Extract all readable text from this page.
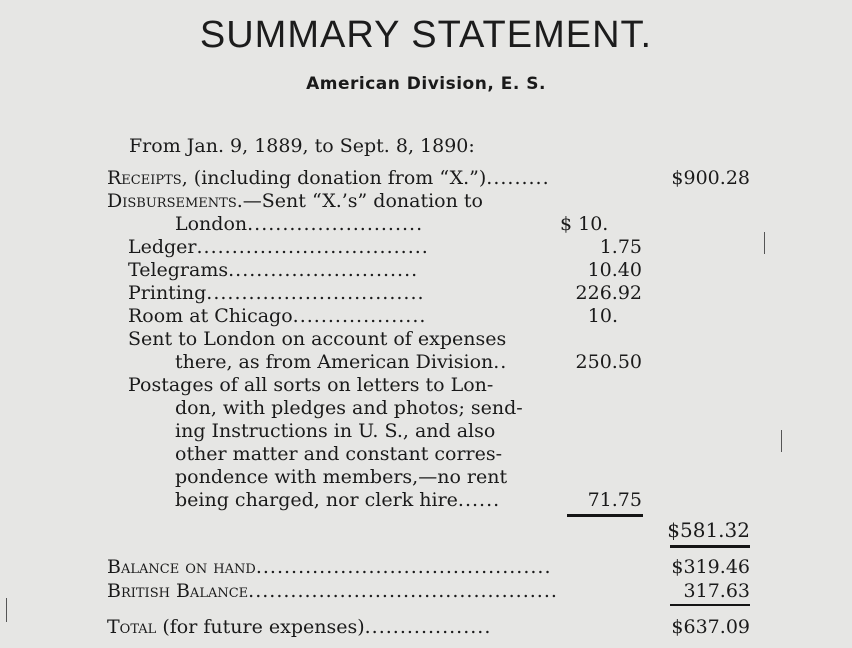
SUMMARY STATEMENT.
American Division, E. S.
From Jan. 9, 1889, to Sept. 8, 1890:
Receipts, (including donation from “X.”).........	$900.28
Disbursements.—Sent “X.’s” donation to
London.........................	$ 10.
Ledger.................................	1.75
Telegrams...........................	10.40
Printing...............................	226.92
Room at Chicago...................	10.
Sent to London on account of expenses
there, as from American Division..	250.50
Postages of all sorts on letters to Lon-
don, with pledges and photos; send-
ing Instructions in U. S., and also
other matter and constant corres-
pondence with members,—no rent
being charged, nor clerk hire......	71.75
$581.32
Balance on hand..........................................	$319.46
British Balance............................................	317.63
Total (for future expenses)..................	$637.09
